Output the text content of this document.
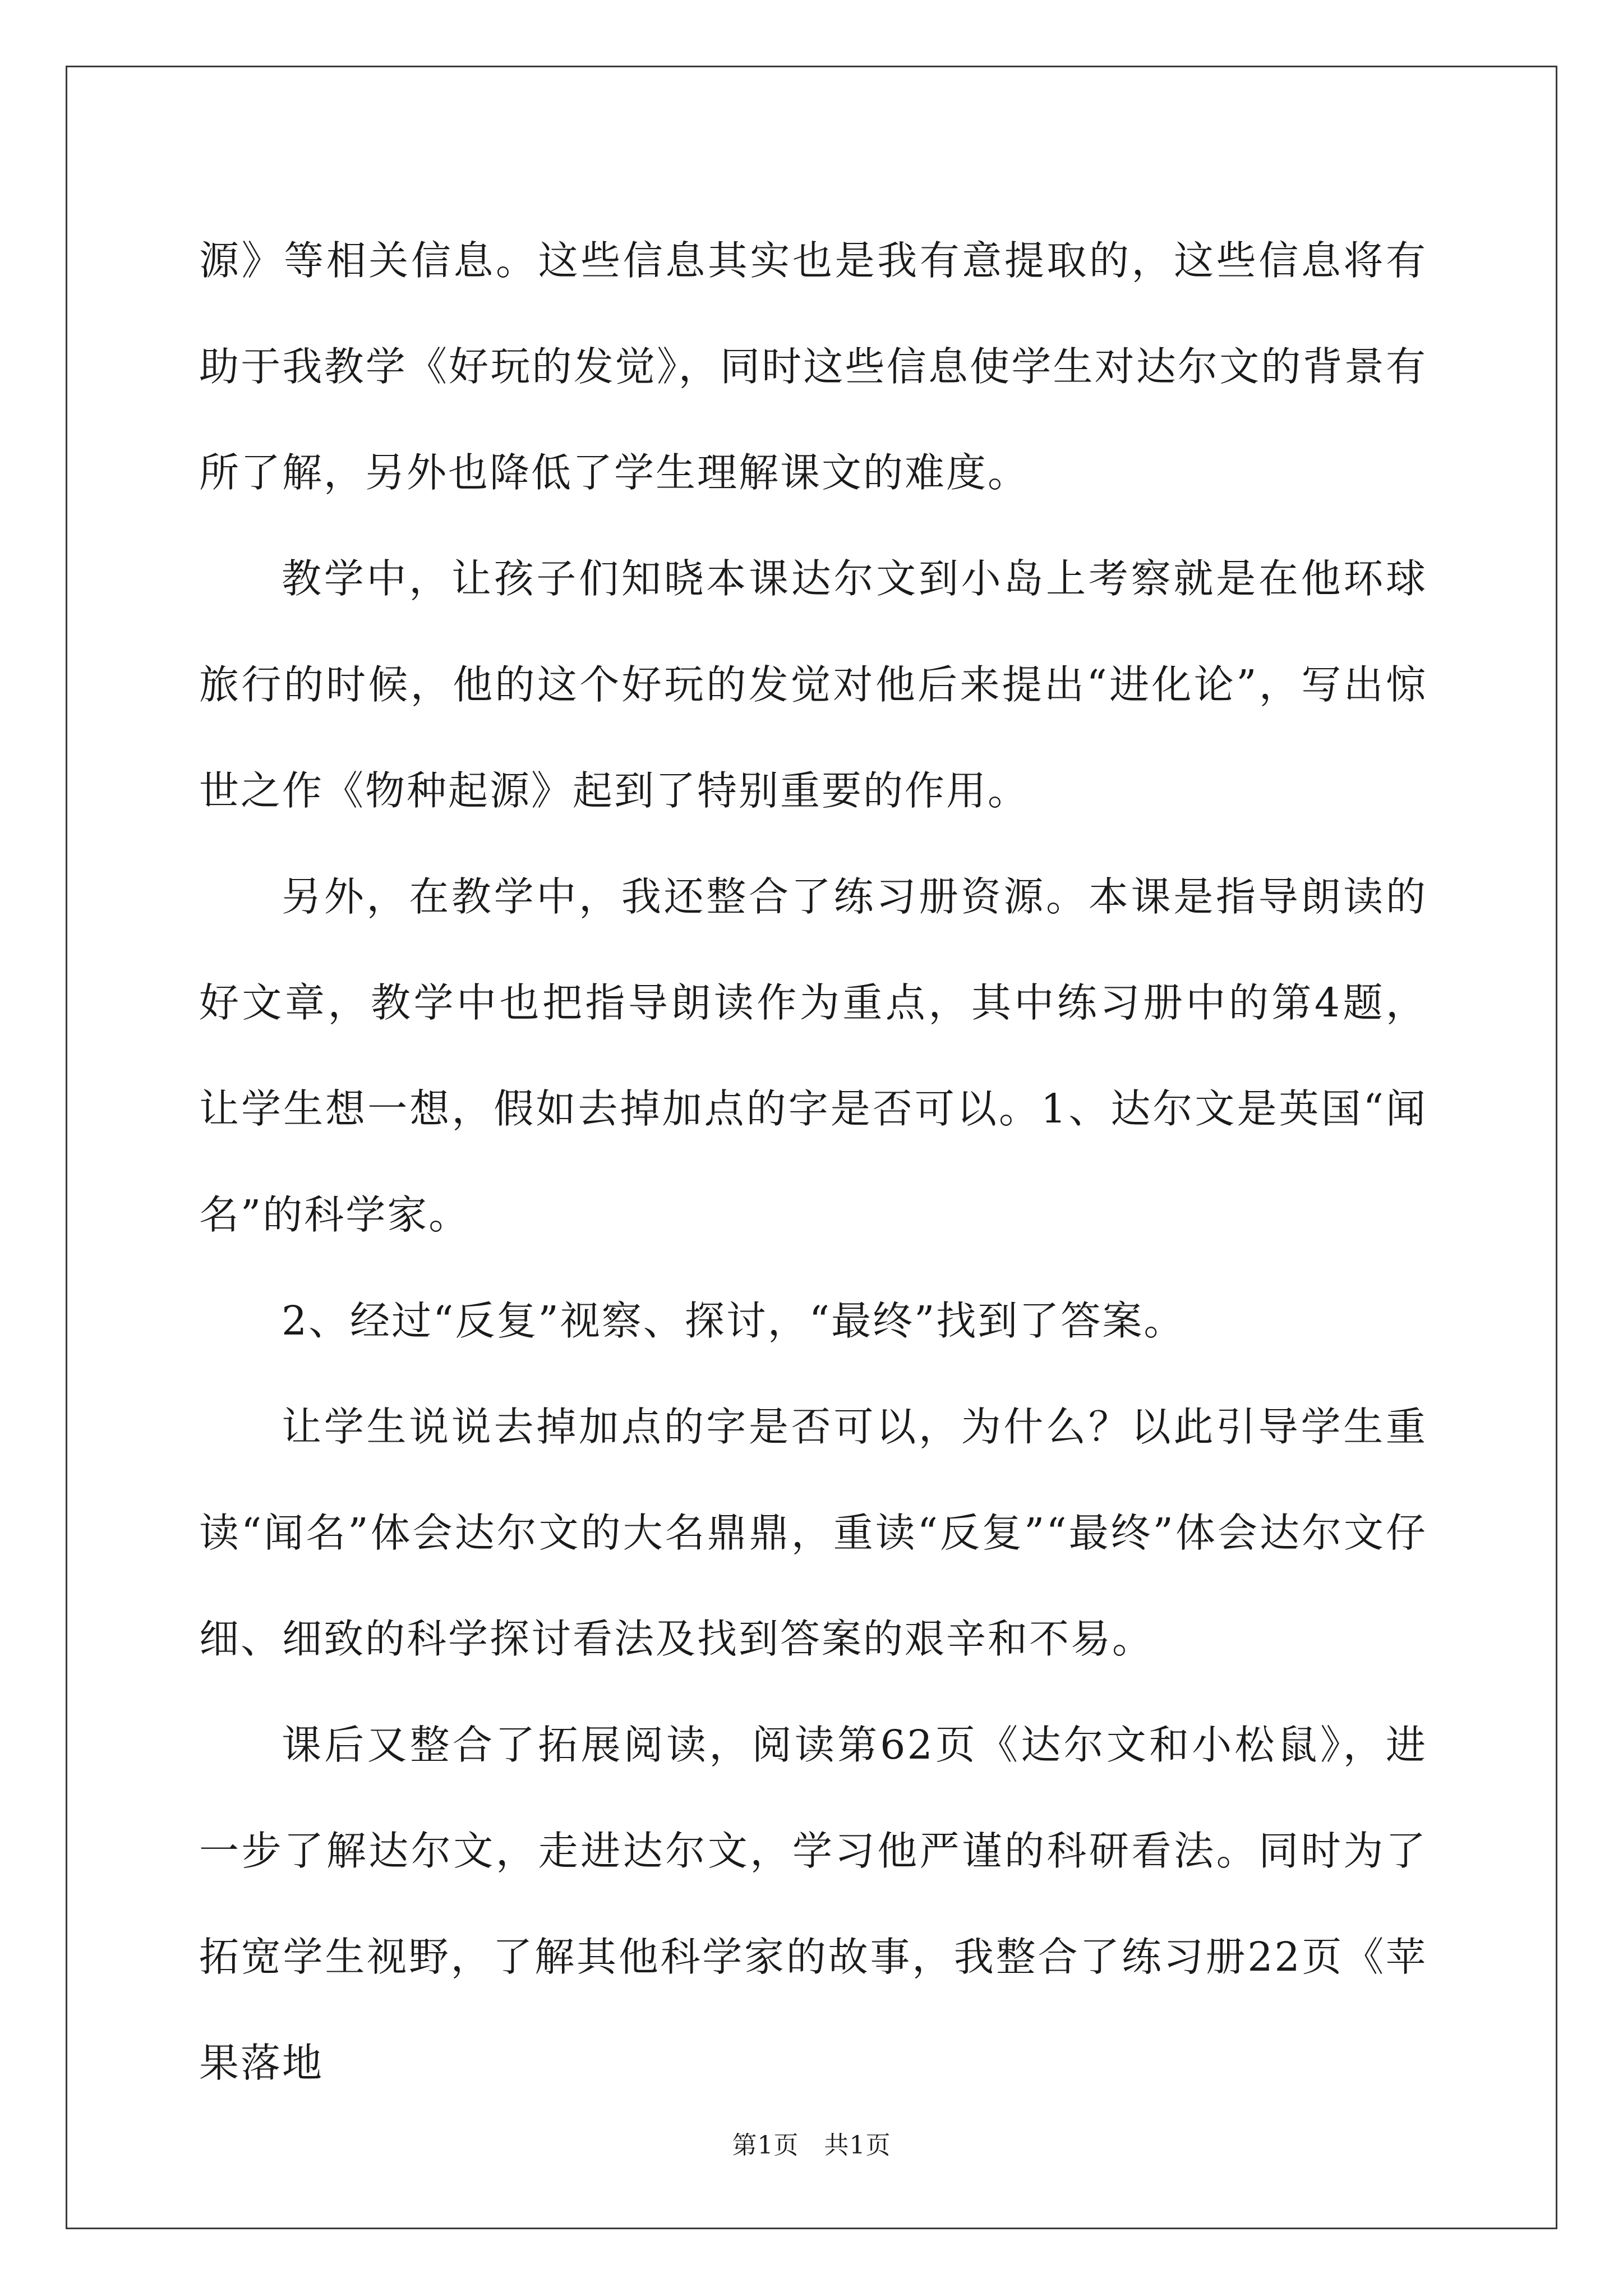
源》等相关信息。这些信息其实也是我有意提取的，这些信息将有助于我教学《好玩的发觉》，同时这些信息使学生对达尔文的背景有所了解，另外也降低了学生理解课文的难度。

教学中，让孩子们知晓本课达尔文到小岛上考察就是在他环球旅行的时候，他的这个好玩的发觉对他后来提出“进化论”，写出惊世之作《物种起源》起到了特别重要的作用。

另外，在教学中，我还整合了练习册资源。本课是指导朗读的好文章，教学中也把指导朗读作为重点，其中练习册中的第4题，让学生想一想，假如去掉加点的字是否可以。1、达尔文是英国“闻名”的科学家。

2、经过“反复”视察、探讨，“最终”找到了答案。

让学生说说去掉加点的字是否可以，为什么？以此引导学生重读“闻名”体会达尔文的大名鼎鼎，重读“反复”“最终”体会达尔文仔细、细致的科学探讨看法及找到答案的艰辛和不易。

课后又整合了拓展阅读，阅读第62页《达尔文和小松鼠》，进一步了解达尔文，走进达尔文，学习他严谨的科研看法。同时为了拓宽学生视野，了解其他科学家的故事，我整合了练习册22页《苹果落地

第1页　共1页
